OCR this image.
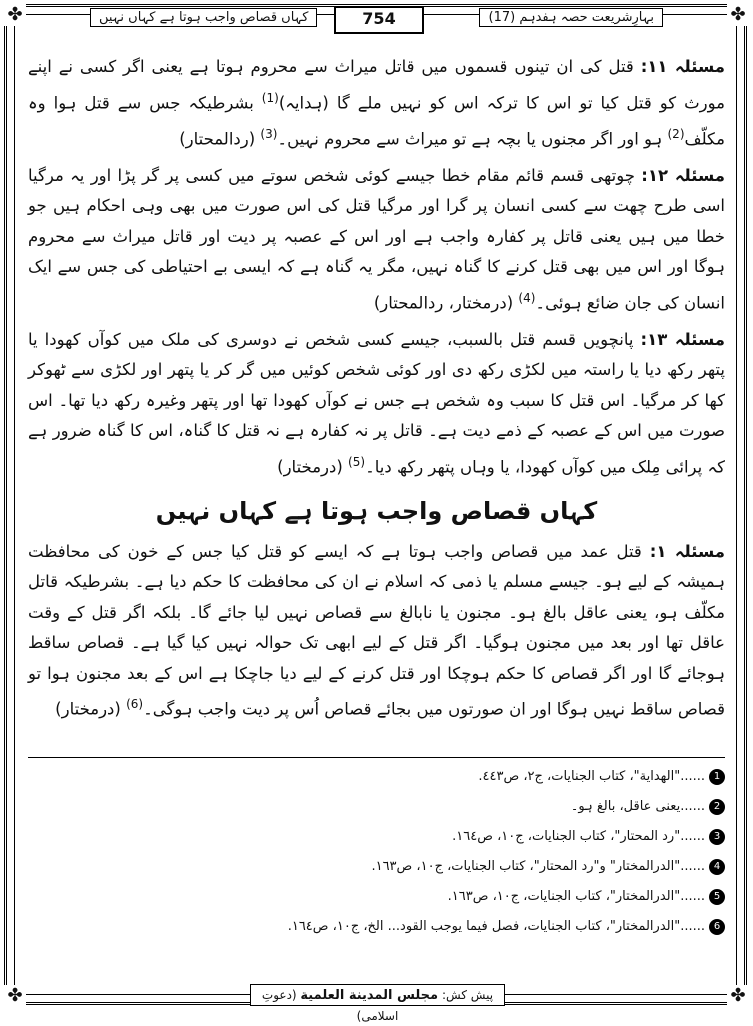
✤	✤
✤	✤
کہاں قصاص واجب ہوتا ہے کہاں نہیں	754	بہارِشریعت حصہ ہفدہم (17)

مسئلہ ۱۱: قتل کی ان تینوں قسموں میں قاتل میراث سے محروم ہوتا ہے یعنی اگر کسی نے اپنے مورث کو قتل کیا تو اس کا ترکہ اس کو نہیں ملے گا (ہدایہ)$^{(1)}$ بشرطیکہ جس سے قتل ہوا وہ مکلّف$^{(2)}$ ہو اور اگر مجنوں یا بچہ ہے تو میراث سے محروم نہیں۔$^{(3)}$ (ردالمحتار)

مسئلہ ۱۲: چوتھی قسم قائم مقام خطا جیسے کوئی شخص سوتے میں کسی پر گر پڑا اور یہ مرگیا اسی طرح چھت سے کسی انسان پر گرا اور مرگیا قتل کی اس صورت میں بھی وہی احکام ہیں جو خطا میں ہیں یعنی قاتل پر کفارہ واجب ہے اور اس کے عصبہ پر دیت اور قاتل میراث سے محروم ہوگا اور اس میں بھی قتل کرنے کا گناہ نہیں، مگر یہ گناہ ہے کہ ایسی بے احتیاطی کی جس سے ایک انسان کی جان ضائع ہوئی۔$^{(4)}$ (درمختار، ردالمحتار)

مسئلہ ۱۳: پانچویں قسم قتل بالسبب، جیسے کسی شخص نے دوسری کی ملک میں کوآں کھودا یا پتھر رکھ دیا یا راستہ میں لکڑی رکھ دی اور کوئی شخص کوئیں میں گر کر یا پتھر اور لکڑی سے ٹھوکر کھا کر مرگیا۔ اس قتل کا سبب وہ شخص ہے جس نے کوآں کھودا تھا اور پتھر وغیرہ رکھ دیا تھا۔ اس صورت میں اس کے عصبہ کے ذمے دیت ہے۔ قاتل پر نہ کفارہ ہے نہ قتل کا گناہ، اس کا گناہ ضرور ہے کہ پرائی مِلک میں کوآں کھودا، یا وہاں پتھر رکھ دیا۔$^{(5)}$ (درمختار)

کہاں قصاص واجب ہوتا ہے کہاں نہیں

مسئلہ ۱: قتل عمد میں قصاص واجب ہوتا ہے کہ ایسے کو قتل کیا جس کے خون کی محافظت ہمیشہ کے لیے ہو۔ جیسے مسلم یا ذمی کہ اسلام نے ان کی محافظت کا حکم دیا ہے۔ بشرطیکہ قاتل مکلّف ہو، یعنی عاقل بالغ ہو۔ مجنون یا نابالغ سے قصاص نہیں لیا جائے گا۔ بلکہ اگر قتل کے وقت عاقل تھا اور بعد میں مجنون ہوگیا۔ اگر قتل کے لیے ابھی تک حوالہ نہیں کیا گیا ہے۔ قصاص ساقط ہوجائے گا اور اگر قصاص کا حکم ہوچکا اور قتل کرنے کے لیے دیا جاچکا ہے اس کے بعد مجنون ہوا تو قصاص ساقط نہیں ہوگا اور ان صورتوں میں بجائے قصاص اُس پر دیت واجب ہوگی۔$^{(6)}$ (درمختار)

1
......"الهداية"، كتاب الجنايات، ج٢، ص٤٤٣.
2
......یعنی عاقل، بالغ ہو۔
3
......"رد المحتار"، كتاب الجنايات، ج١٠، ص١٦٤.
4
......"الدرالمختار" و"رد المحتار"، كتاب الجنايات، ج١٠، ص١٦٣.
5
......"الدرالمختار"، كتاب الجنايات، ج١٠، ص١٦٣.
6
......"الدرالمختار"، كتاب الجنايات، فصل فيما يوجب القود... الخ، ج١٠، ص١٦٤.
پیش کش: مجلس المدينة العلمية (دعوتِ اسلامی)
